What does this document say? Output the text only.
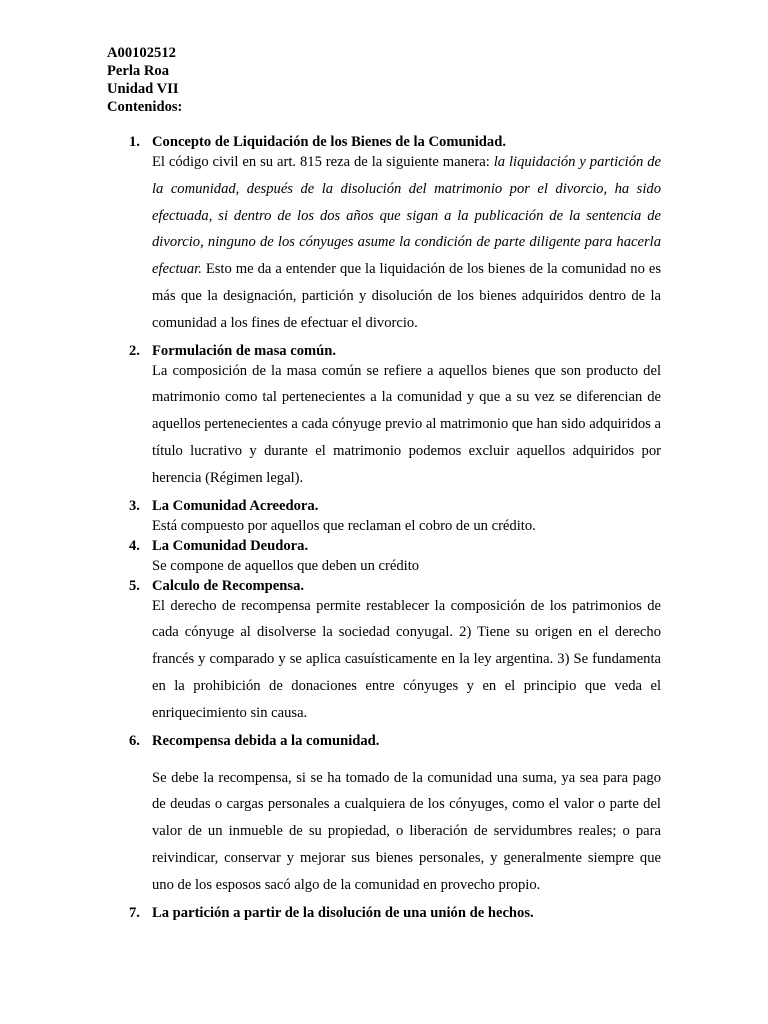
A00102512

Perla Roa

Unidad VII

Contenidos:

1. Concepto de Liquidación de los Bienes de la Comunidad.

El código civil en su art. 815 reza de la siguiente manera: la liquidación y partición de la comunidad, después de la disolución del matrimonio por el divorcio, ha sido efectuada, si dentro de los dos años que sigan a la publicación de la sentencia de divorcio, ninguno de los cónyuges asume la condición de parte diligente para hacerla efectuar. Esto me da a entender que la liquidación de los bienes de la comunidad no es más que la designación, partición y disolución de los bienes adquiridos dentro de la comunidad a los fines de efectuar el divorcio.

2. Formulación de masa común.

La composición de la masa común se refiere a aquellos bienes que son producto del matrimonio como tal pertenecientes a la comunidad y que a su vez se diferencian de aquellos pertenecientes a cada cónyuge previo al matrimonio que han sido adquiridos a título lucrativo y durante el matrimonio podemos excluir aquellos adquiridos por herencia (Régimen legal).

3. La Comunidad Acreedora.

Está compuesto por aquellos que reclaman el cobro de un crédito.

4. La Comunidad Deudora.

Se compone de aquellos que deben un crédito

5. Calculo de Recompensa.

El derecho de recompensa permite restablecer la composición de los patrimonios de cada cónyuge al disolverse la sociedad conyugal. 2) Tiene su origen en el derecho francés y comparado y se aplica casuísticamente en la ley argentina. 3) Se fundamenta en la prohibición de donaciones entre cónyuges y en el principio que veda el enriquecimiento sin causa.

6. Recompensa debida a la comunidad.

Se debe la recompensa, si se ha tomado de la comunidad una suma, ya sea para pago de deudas o cargas personales a cualquiera de los cónyuges, como el valor o parte del valor de un inmueble de su propiedad, o liberación de servidumbres reales; o para reivindicar, conservar y mejorar sus bienes personales, y generalmente siempre que uno de los esposos sacó algo de la comunidad en provecho propio.

7. La partición a partir de la disolución de una unión de hechos.
